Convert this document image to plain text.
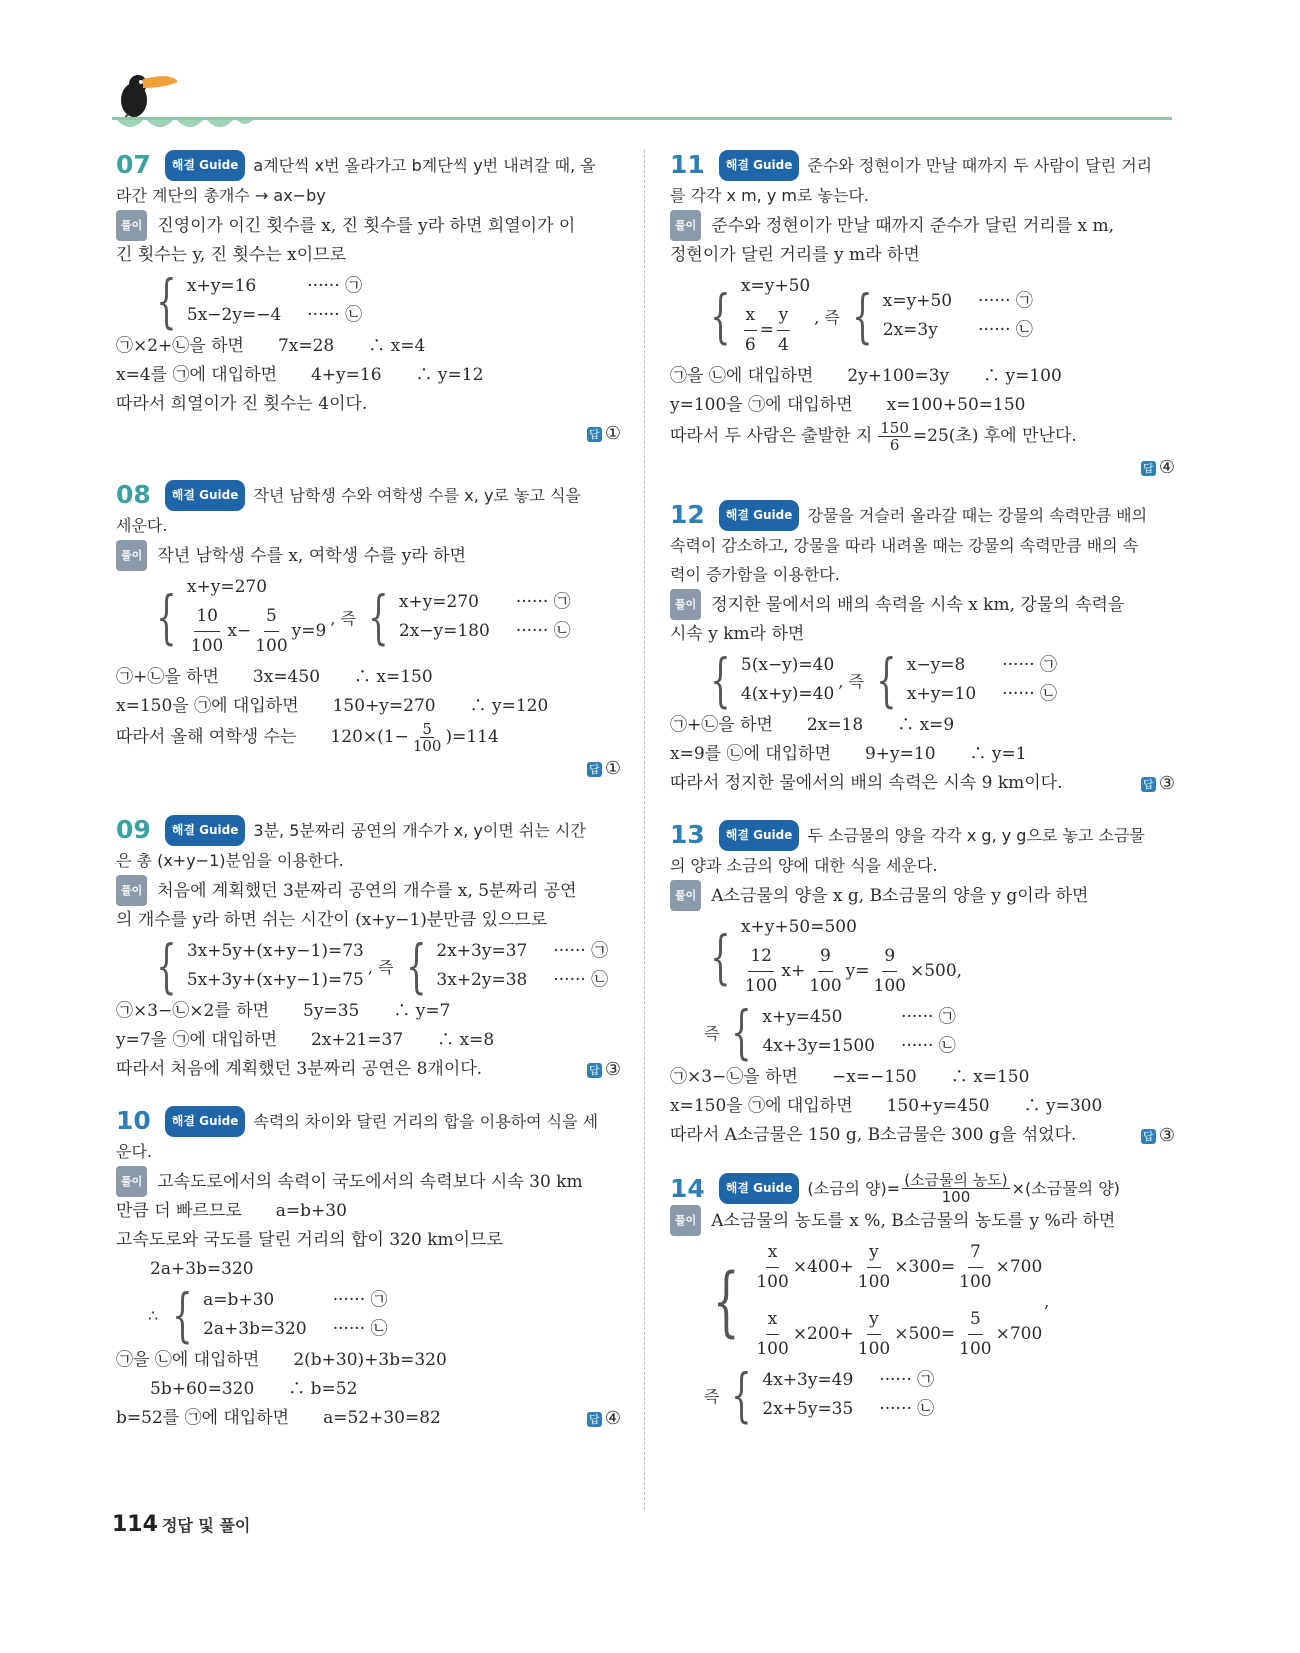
07 해결 Guide a계단씩 x번 올라가고 b계단씩 y번 내려갈 때, 올

라간 계단의 총개수 → ax−by

풀이 진영이가 이긴 횟수를 x, 진 횟수를 y라 하면 희열이가 이

긴 횟수는 y, 진 횟수는 x이므로

{ x+y=16
5x−2y=−4
······ ㉠
······ ㉡

㉠×2+㉡을 하면　　7x=28　　∴ x=4

x=4를 ㉠에 대입하면　　4+y=16　　∴ y=12

따라서 희열이가 진 횟수는 4이다.

답 ①

08 해결 Guide 작년 남학생 수와 여학생 수를 x, y로 놓고 식을

세운다.

풀이 작년 남학생 수를 x, 여학생 수를 y라 하면

{ x+y=270
$\frac{10}{100} x- \frac{5}{100} y=9$
, 즉 { x+y=270
2x−y=180
······ ㉠
······ ㉡

㉠+㉡을 하면　　3x=450　　∴ x=150

x=150을 ㉠에 대입하면　　150+y=270　　∴ y=120

따라서 올해 여학생 수는　　$120\times(1- \frac{5}{100} )=114$

답 ①

09 해결 Guide 3분, 5분짜리 공연의 개수가 x, y이면 쉬는 시간

은 총 (x+y−1)분임을 이용한다.

풀이 처음에 계획했던 3분짜리 공연의 개수를 x, 5분짜리 공연

의 개수를 y라 하면 쉬는 시간이 (x+y−1)분만큼 있으므로

{ 3x+5y+(x+y−1)=73
5x+3y+(x+y−1)=75
, 즉 { 2x+3y=37
3x+2y=38
······ ㉠
······ ㉡

㉠×3−㉡×2를 하면　　5y=35　　∴ y=7

y=7을 ㉠에 대입하면　　2x+21=37　　∴ x=8

따라서 처음에 계획했던 3분짜리 공연은 8개이다.	답 ③

10 해결 Guide 속력의 차이와 달린 거리의 합을 이용하여 식을 세

운다.

풀이 고속도로에서의 속력이 국도에서의 속력보다 시속 30 km

만큼 더 빠르므로　　a=b+30

고속도로와 국도를 달린 거리의 합이 320 km이므로

2a+3b=320

∴ { a=b+30
2a+3b=320
······ ㉠
······ ㉡

㉠을 ㉡에 대입하면　　2(b+30)+3b=320

5b+60=320　　∴ b=52

b=52를 ㉠에 대입하면　　a=52+30=82	답 ④

11 해결 Guide 준수와 정현이가 만날 때까지 두 사람이 달린 거리

를 각각 x m, y m로 놓는다.

풀이 준수와 정현이가 만날 때까지 준수가 달린 거리를 x m,

정현이가 달린 거리를 y m라 하면

{ x=y+50
$\frac{x}{6} = \frac{y}{4}$ , 즉 { x=y+50
2x=3y
······ ㉠
······ ㉡

㉠을 ㉡에 대입하면　　2y+100=3y　　∴ y=100

y=100을 ㉠에 대입하면　　x=100+50=150

따라서 두 사람은 출발한 지 $\frac{150}{6} =25$(초) 후에 만난다.

답 ④

12 해결 Guide 강물을 거슬러 올라갈 때는 강물의 속력만큼 배의

속력이 감소하고, 강물을 따라 내려올 때는 강물의 속력만큼 배의 속

력이 증가함을 이용한다.

풀이 정지한 물에서의 배의 속력을 시속 x km, 강물의 속력을

시속 y km라 하면

{ 5(x−y)=40
4(x+y)=40
, 즉 { x−y=8
x+y=10
······ ㉠
······ ㉡

㉠+㉡을 하면　　2x=18　　∴ x=9

x=9를 ㉡에 대입하면　　9+y=10　　∴ y=1

따라서 정지한 물에서의 배의 속력은 시속 9 km이다.	답 ③

13 해결 Guide 두 소금물의 양을 각각 x g, y g으로 놓고 소금물

의 양과 소금의 양에 대한 식을 세운다.

풀이 A소금물의 양을 x g, B소금물의 양을 y g이라 하면

{ x+y+50=500
$\frac{12}{100} x+ \frac{9}{100} y= \frac{9}{100} \times 500$,
즉 { x+y=450
4x+3y=1500
······ ㉠
······ ㉡

㉠×3−㉡을 하면　　−x=−150　　∴ x=150

x=150을 ㉠에 대입하면　　150+y=450　　∴ y=300

따라서 A소금물은 150 g, B소금물은 300 g을 섞었다.	답 ③

14	해결 Guide (소금의 양)= $\frac{\text{(소금물의 농도)}}{100}$ ×(소금물의 양)

풀이 A소금물의 농도를 x %, B소금물의 농도를 y %라 하면

{ $\frac{x}{100} \times 400+ \frac{y}{100} \times 300= \frac{7}{100} \times 700$
$\frac{x}{100} \times 200+ \frac{y}{100} \times 500= \frac{5}{100} \times 700$
,
즉 { 4x+3y=49
2x+5y=35
······ ㉠
······ ㉡
114 정답 및 풀이
